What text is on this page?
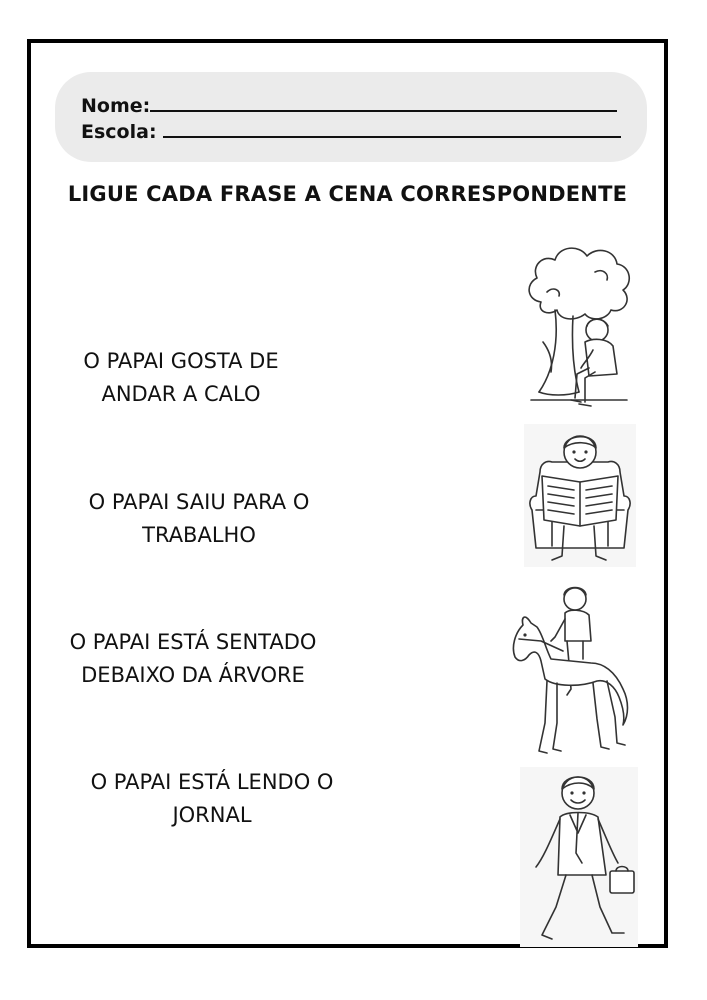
Nome:
Escola:
LIGUE CADA FRASE A CENA CORRESPONDENTE
O PAPAI GOSTA DE
ANDAR A CALO
O PAPAI SAIU PARA O
TRABALHO
O PAPAI ESTÁ SENTADO
DEBAIXO DA ÁRVORE
O PAPAI ESTÁ LENDO O
JORNAL
